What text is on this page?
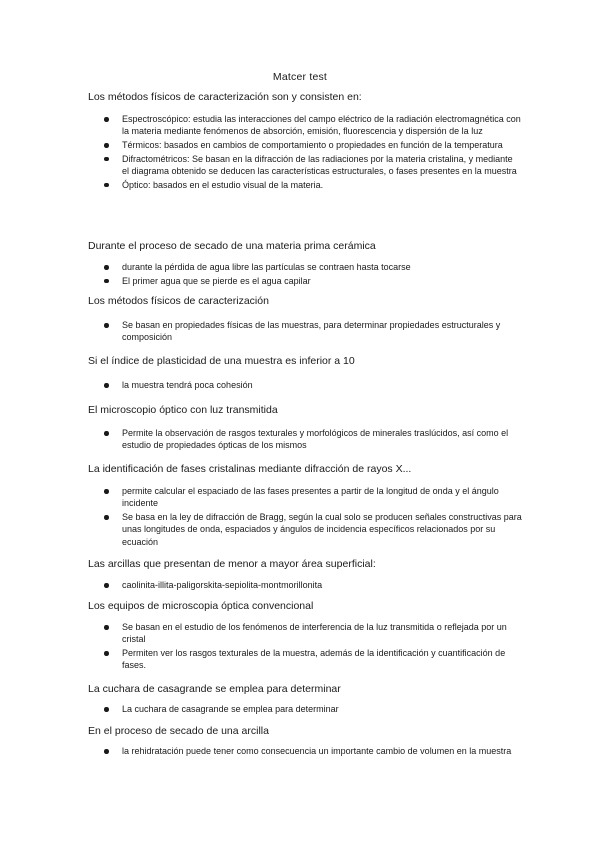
Matcer test
Los métodos físicos de caracterización son y consisten en:
Espectroscópico: estudia las interacciones del campo eléctrico de la radiación electromagnética con la materia mediante fenómenos de absorción, emisión, fluorescencia y dispersión de la luz
Térmicos: basados en cambios de comportamiento o propiedades en función de la temperatura
Difractométricos: Se basan en la difracción de las radiaciones por la materia cristalina, y mediante el diagrama obtenido se deducen las características estructurales, o fases presentes en la muestra
Óptico: basados en el estudio visual de la materia.
Durante el proceso de secado de una materia prima cerámica
durante la pérdida de agua libre las partículas se contraen hasta tocarse
El primer agua que se pierde es el agua capilar
Los métodos físicos de caracterización
Se basan en propiedades físicas de las muestras, para determinar propiedades estructurales y composición
Si el índice de plasticidad de una muestra es inferior a 10
la muestra tendrá poca cohesión
El microscopio óptico con luz transmitida
Permite la observación de rasgos texturales y morfológicos de minerales traslúcidos, así como el estudio de propiedades ópticas de los mismos
La identificación de fases cristalinas mediante difracción de rayos X...
permite calcular el espaciado de las fases presentes a partir de la longitud de onda y el ángulo incidente
Se basa en la ley de difracción de Bragg, según la cual solo se producen señales constructivas para unas longitudes de onda, espaciados y ángulos de incidencia específicos relacionados por su ecuación
Las arcillas que presentan de menor a mayor área superficial:
caolinita-illita-paligorskita-sepiolita-montmorillonita
Los equipos de microscopia óptica convencional
Se basan en el estudio de los fenómenos de interferencia de la luz transmitida o reflejada por un cristal
Permiten ver los rasgos texturales de la muestra, además de la identificación y cuantificación de fases.
La cuchara de casagrande se emplea para determinar
La cuchara de casagrande se emplea para determinar
En el proceso de secado de una arcilla
la rehidratación puede tener como consecuencia un importante cambio de volumen en la muestra
